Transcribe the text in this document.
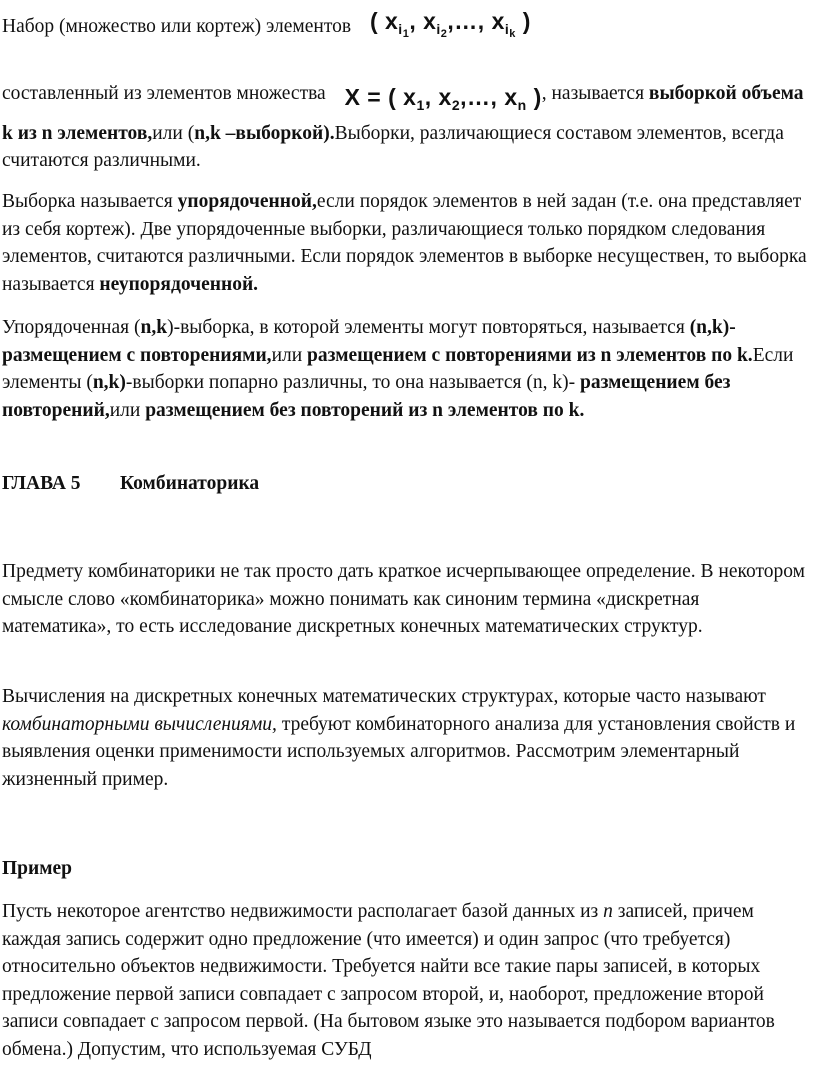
Набор (множество или кортеж) элементов ( $x_{i_1}$, $x_{i_2},\dots$, $x_{i_k}$ )

составленный из элементов множества X = ( $x_1$, $x_2,\dots$, $x_n$ ), называется выборкой объема k из n элементов,или (n,k –выборкой).Выборки, различающиеся составом элементов, всегда считаются различными.

Выборка называется упорядоченной,если порядок элементов в ней задан (т.е. она представляет из себя кортеж). Две упорядоченные выборки, различающиеся только порядком следования элементов, считаются различными. Если порядок элементов в выборке несуществен, то выборка называется неупорядоченной.

Упорядоченная (n,k)-выборка, в которой элементы могут повторяться, называется (n,k)-размещением с повторениями,или размещением с повторениями из n элементов по k.Если элементы (n,k)-выборки попарно различны, то она называется (n, k)- размещением без повторений,или размещением без повторений из n элементов по k.

ГЛАВА 5 Комбинаторика

Предмету комбинаторики не так просто дать краткое исчерпывающее определение. В некотором смысле слово «комбинаторика» можно понимать как синоним термина «дискретная математика», то есть исследование дискретных конечных математических структур.

Вычисления на дискретных конечных математических структурах, которые часто называют комбинаторными вычислениями, требуют комбинаторного анализа для установления свойств и выявления оценки применимости используемых алгоритмов. Рассмотрим элементарный жизненный пример.

Пример

Пусть некоторое агентство недвижимости располагает базой данных из n записей, причем каждая запись содержит одно предложение (что имеется) и один запрос (что требуется) относительно объектов недвижимости. Требуется найти все такие пары записей, в которых предложение первой записи совпадает с запросом второй, и, наоборот, предложение второй записи совпадает с запросом первой. (На бытовом языке это называется подбором вариантов обмена.) Допустим, что используемая СУБД
